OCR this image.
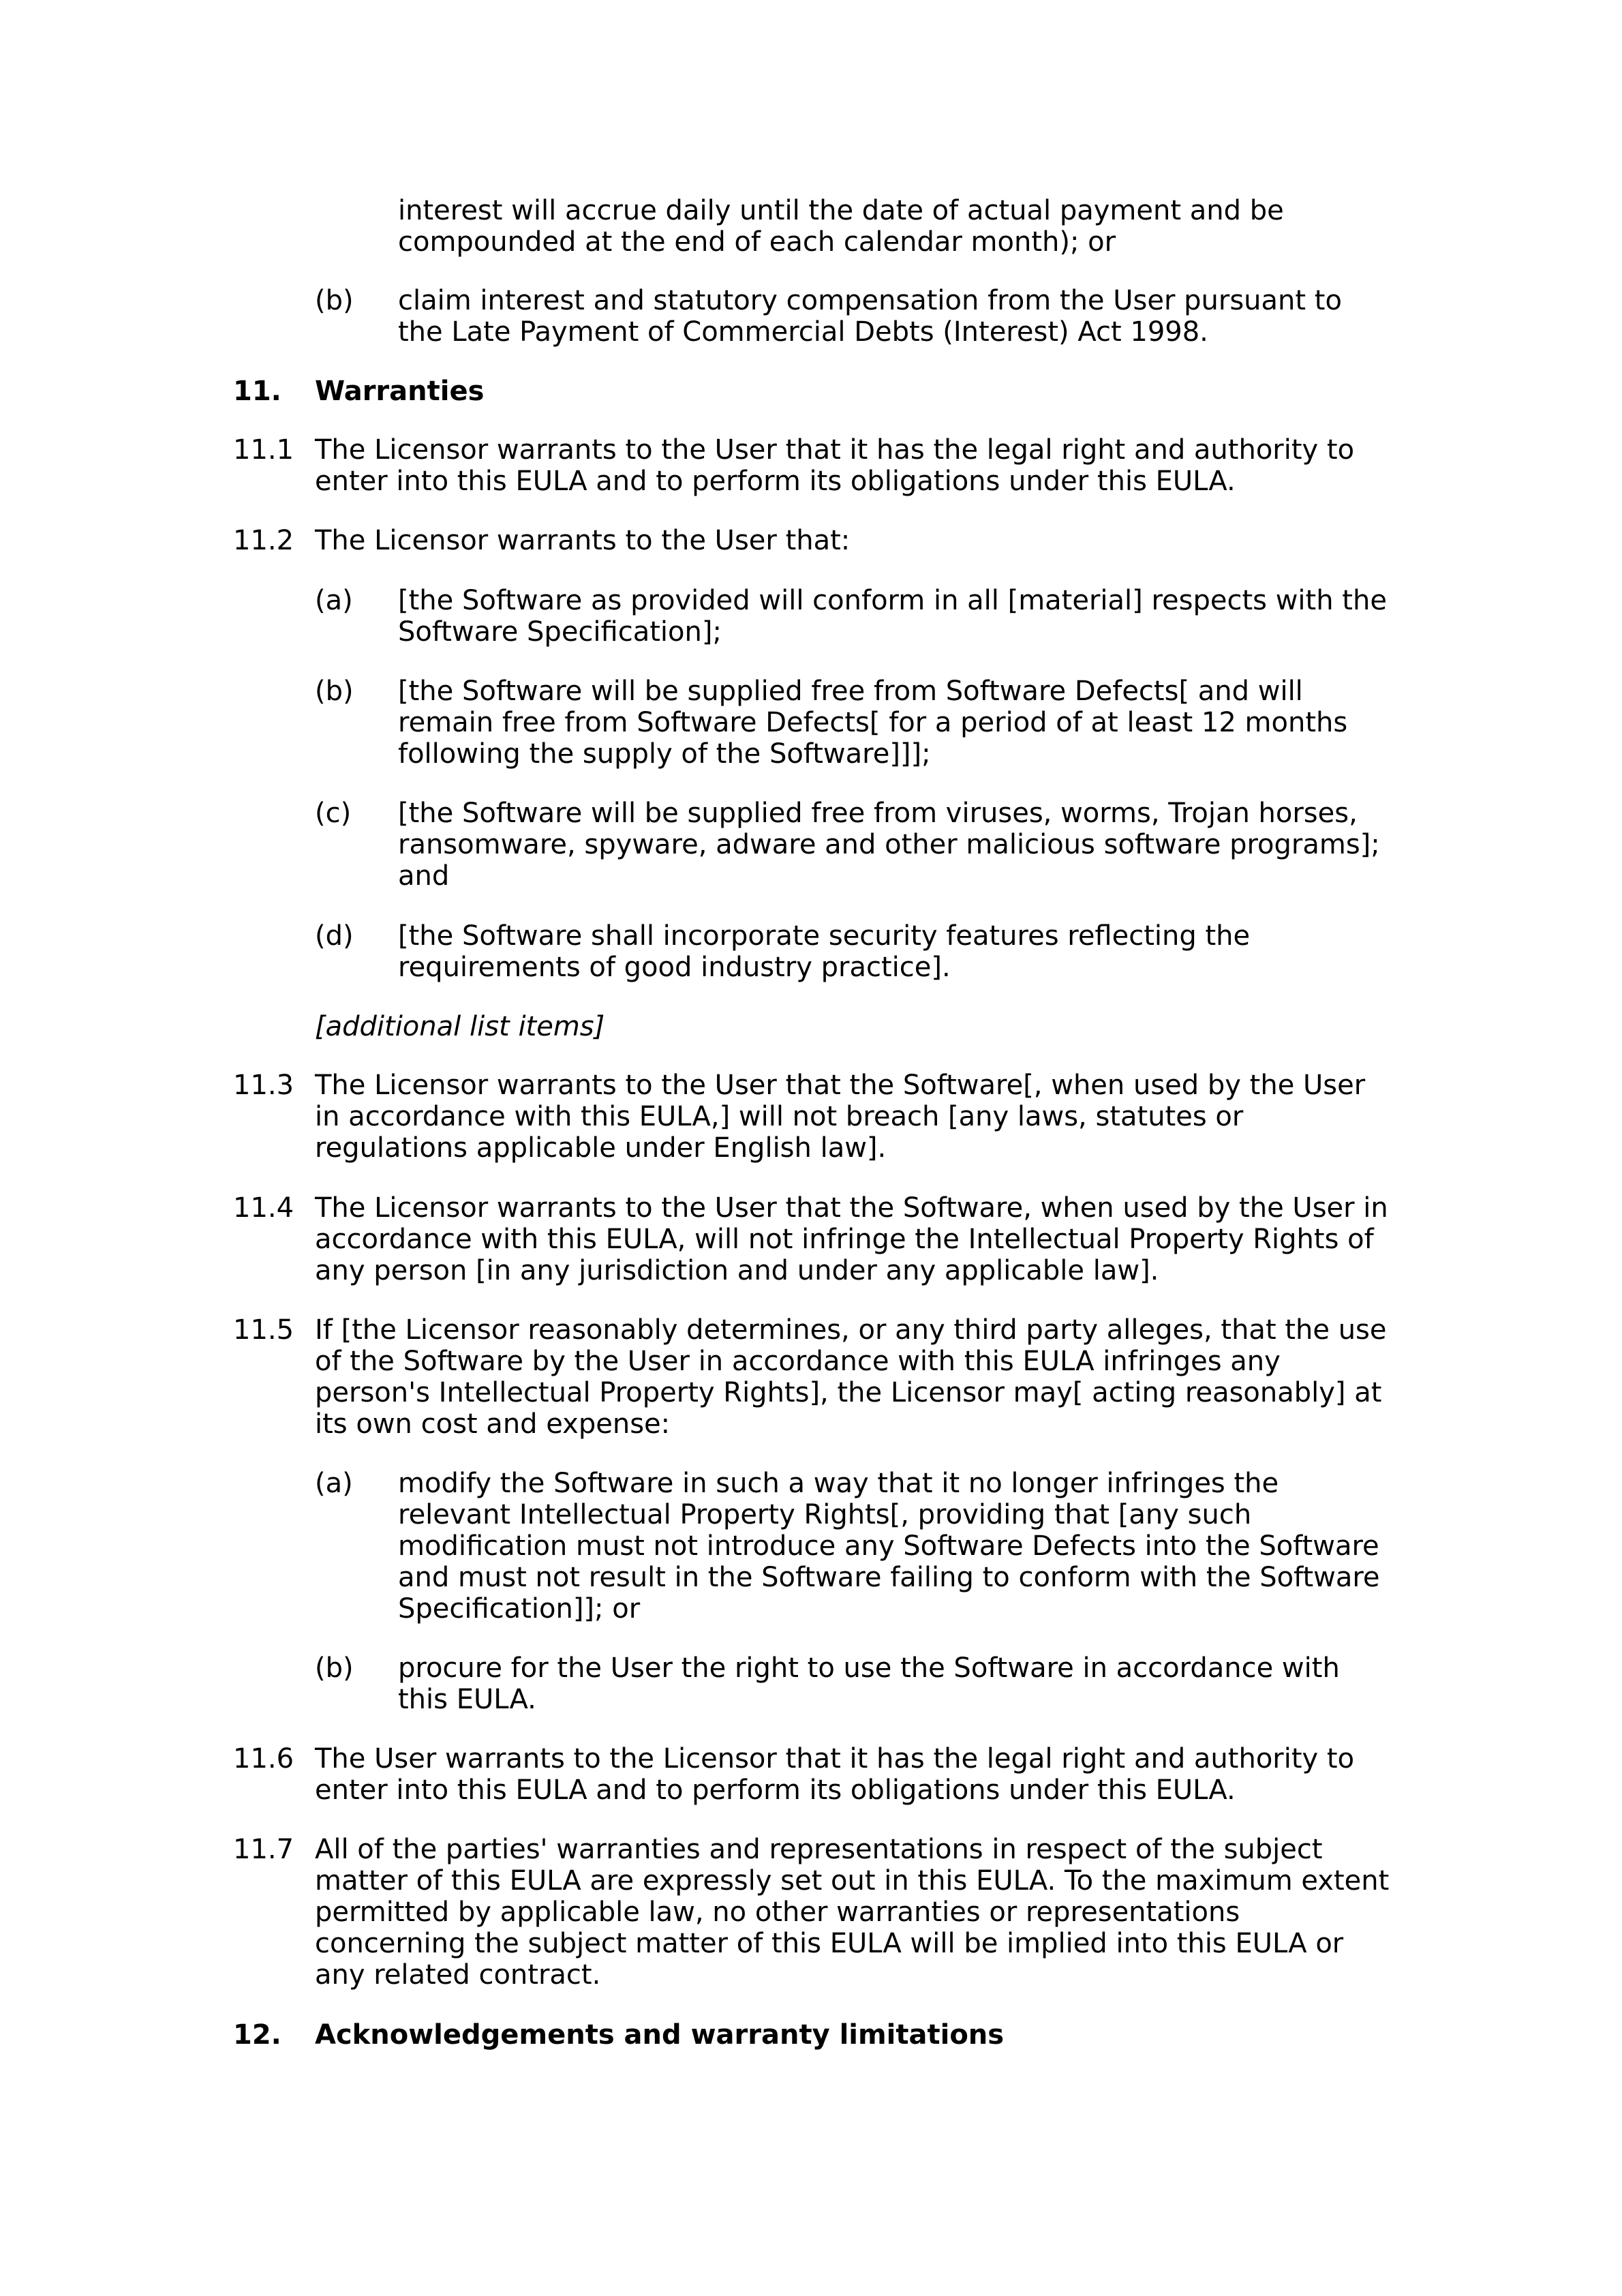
interest will accrue daily until the date of actual payment and be
compounded at the end of each calendar month); or
(b) claim interest and statutory compensation from the User pursuant to
the Late Payment of Commercial Debts (Interest) Act 1998.
11. Warranties
11.1 The Licensor warrants to the User that it has the legal right and authority to
enter into this EULA and to perform its obligations under this EULA.
11.2 The Licensor warrants to the User that:
(a) [the Software as provided will conform in all [material] respects with the
Software Specification];
(b) [the Software will be supplied free from Software Defects[ and will
remain free from Software Defects[ for a period of at least 12 months
following the supply of the Software]]];
(c) [the Software will be supplied free from viruses, worms, Trojan horses,
ransomware, spyware, adware and other malicious software programs];
and
(d) [the Software shall incorporate security features reflecting the
requirements of good industry practice].
[additional list items]
11.3 The Licensor warrants to the User that the Software[, when used by the User
in accordance with this EULA,] will not breach [any laws, statutes or
regulations applicable under English law].
11.4 The Licensor warrants to the User that the Software, when used by the User in
accordance with this EULA, will not infringe the Intellectual Property Rights of
any person [in any jurisdiction and under any applicable law].
11.5 If [the Licensor reasonably determines, or any third party alleges, that the use
of the Software by the User in accordance with this EULA infringes any
person's Intellectual Property Rights], the Licensor may[ acting reasonably] at
its own cost and expense:
(a) modify the Software in such a way that it no longer infringes the
relevant Intellectual Property Rights[, providing that [any such
modification must not introduce any Software Defects into the Software
and must not result in the Software failing to conform with the Software
Specification]]; or
(b) procure for the User the right to use the Software in accordance with
this EULA.
11.6 The User warrants to the Licensor that it has the legal right and authority to
enter into this EULA and to perform its obligations under this EULA.
11.7 All of the parties' warranties and representations in respect of the subject
matter of this EULA are expressly set out in this EULA. To the maximum extent
permitted by applicable law, no other warranties or representations
concerning the subject matter of this EULA will be implied into this EULA or
any related contract.
12. Acknowledgements and warranty limitations
